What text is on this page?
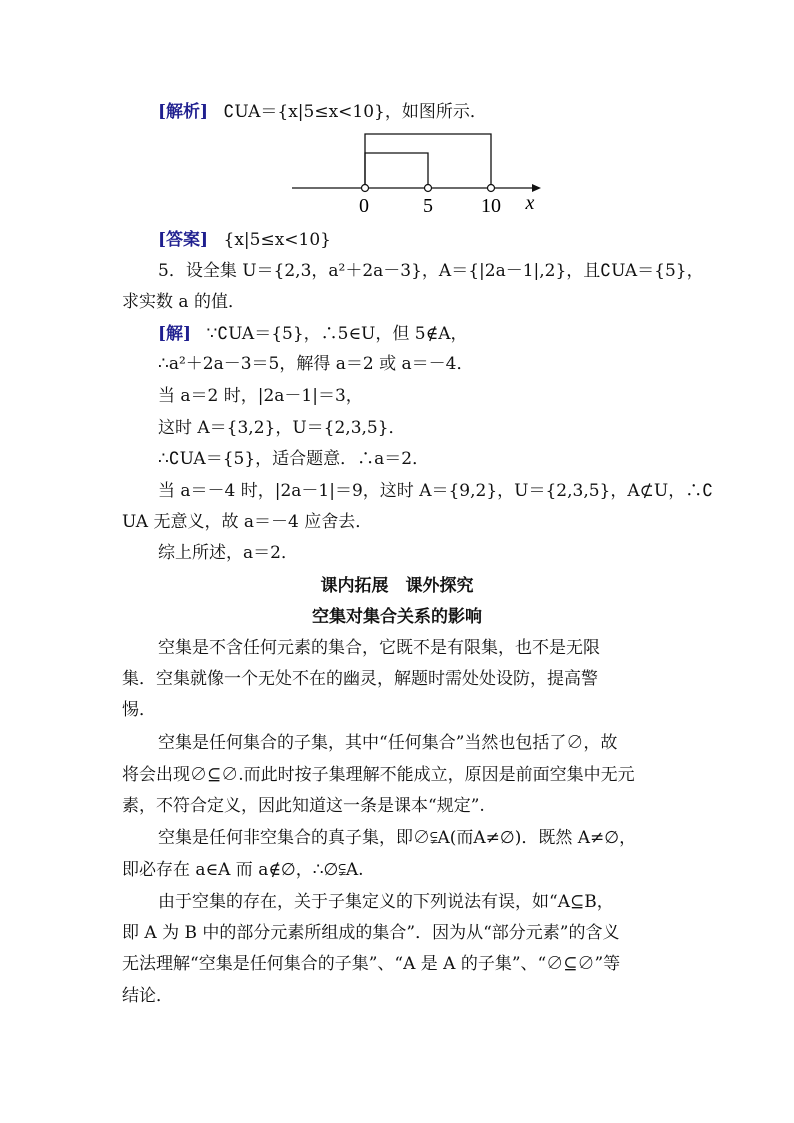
[解析] ∁UA＝{x|5≤x<10}，如图所示．
0	5 10 x
[答案] {x|5≤x<10}
5．设全集 U＝{2,3，a²＋2a－3}，A＝{|2a－1|,2}，且∁UA＝{5}，
求实数 a 的值．
[解] ∵∁UA＝{5}，∴5∈U，但 5∉A，
∴a²＋2a－3＝5，解得 a＝2 或 a＝－4．
当 a＝2 时，|2a－1|＝3，
这时 A＝{3,2}，U＝{2,3,5}．
∴∁UA＝{5}，适合题意．∴a＝2．
当 a＝－4 时，|2a－1|＝9，这时 A＝{9,2}，U＝{2,3,5}，A⊄U，∴∁
UA 无意义，故 a＝－4 应舍去．
综上所述，a＝2．
课内拓展　课外探究
空集对集合关系的影响
空集是不含任何元素的集合，它既不是有限集，也不是无限
集．空集就像一个无处不在的幽灵，解题时需处处设防，提高警
惕．
空集是任何集合的子集，其中“任何集合”当然也包括了∅，故
将会出现∅⊆∅.而此时按子集理解不能成立，原因是前面空集中无元
素，不符合定义，因此知道这一条是课本“规定”.
空集是任何非空集合的真子集，即∅⫋A(而A≠∅)．既然 A≠∅，
即必存在 a∈A 而 a∉∅，∴∅⫋A.
由于空集的存在，关于子集定义的下列说法有误，如“A⊆B，
即 A 为 B 中的部分元素所组成的集合”．因为从“部分元素”的含义
无法理解“空集是任何集合的子集”、“A 是 A 的子集”、“∅⊆∅”等
结论．
